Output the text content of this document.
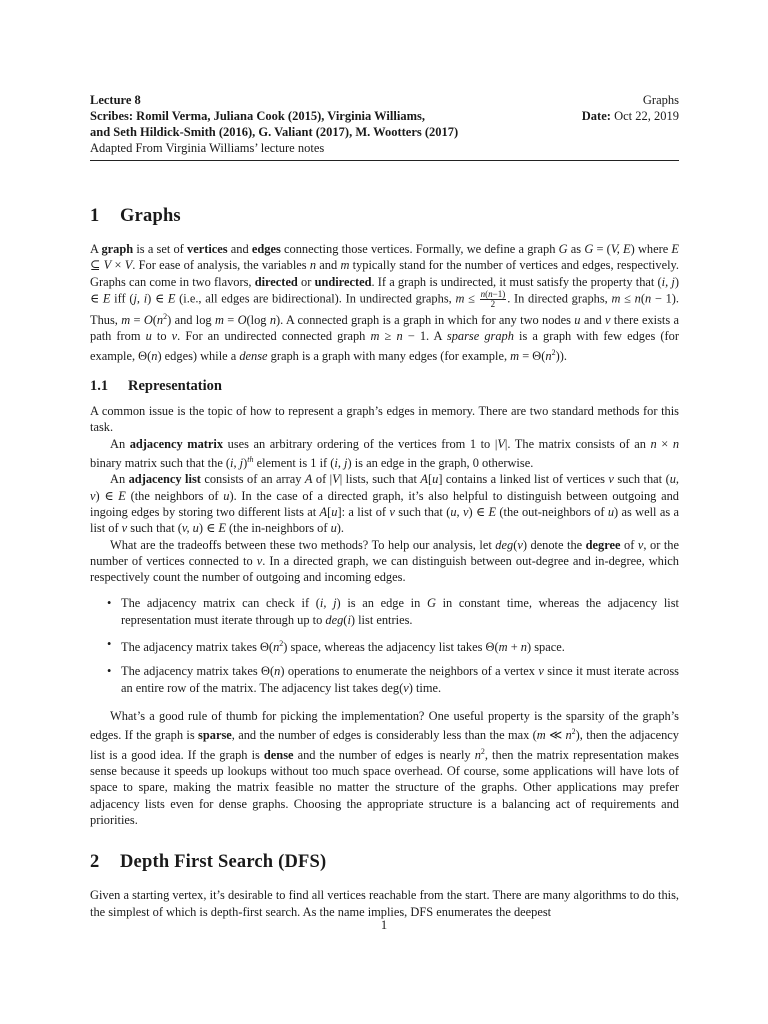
Lecture 8
Scribes: Romil Verma, Juliana Cook (2015), Virginia Williams,
and Seth Hildick-Smith (2016), G. Valiant (2017), M. Wootters (2017)
Adapted From Virginia Williams’ lecture notes
Graphs
Date: Oct 22, 2019
1 Graphs

A graph is a set of vertices and edges connecting those vertices. Formally, we define a graph G as G = (V, E) where E ⊆ V × V. For ease of analysis, the variables n and m typically stand for the number of vertices and edges, respectively. Graphs can come in two flavors, directed or undirected. If a graph is undirected, it must satisfy the property that (i, j) ∈ E iff (j, i) ∈ E (i.e., all edges are bidirectional). In undirected graphs, $m \le \frac{n(n-1)}{2}$ . In directed graphs, m ≤ n(n − 1). Thus, $m = O(n^2)$ and log m = O(log n). A connected graph is a graph in which for any two nodes u and v there exists a path from u to v. For an undirected connected graph m ≥ n − 1. A sparse graph is a graph with few edges (for example, Θ(n) edges) while a dense graph is a graph with many edges (for example, $m = \Theta(n^2)$).

1.1 Representation

A common issue is the topic of how to represent a graph’s edges in memory. There are two standard methods for this task.

An adjacency matrix uses an arbitrary ordering of the vertices from 1 to |V|. The matrix consists of an n × n binary matrix such that the (i, j)$^{th}$ element is 1 if (i, j) is an edge in the graph, 0 otherwise.

An adjacency list consists of an array A of |V| lists, such that A[u] contains a linked list of vertices v such that (u, v) ∈ E (the neighbors of u). In the case of a directed graph, it’s also helpful to distinguish between outgoing and ingoing edges by storing two different lists at A[u]: a list of v such that (u, v) ∈ E (the out-neighbors of u) as well as a list of v such that (v, u) ∈ E (the in-neighbors of u).

What are the tradeoffs between these two methods? To help our analysis, let deg(v) denote the degree of v, or the number of vertices connected to v. In a directed graph, we can distinguish between out-degree and in-degree, which respectively count the number of outgoing and incoming edges.

• The adjacency matrix can check if (i, j) is an edge in G in constant time, whereas the adjacency list representation must iterate through up to deg(i) list entries.
• The adjacency matrix takes $\Theta(n^2)$ space, whereas the adjacency list takes Θ(m + n) space.
• The adjacency matrix takes Θ(n) operations to enumerate the neighbors of a vertex v since it must iterate across an entire row of the matrix. The adjacency list takes deg(v) time.

What’s a good rule of thumb for picking the implementation? One useful property is the sparsity of the graph’s edges. If the graph is sparse, and the number of edges is considerably less than the max (m ≪ $n^2$), then the adjacency list is a good idea. If the graph is dense and the number of edges is nearly $n^2$, then the matrix representation makes sense because it speeds up lookups without too much space overhead. Of course, some applications will have lots of space to spare, making the matrix feasible no matter the structure of the graphs. Other applications may prefer adjacency lists even for dense graphs. Choosing the appropriate structure is a balancing act of requirements and priorities.

2 Depth First Search (DFS)

Given a starting vertex, it’s desirable to find all vertices reachable from the start. There are many algorithms to do this, the simplest of which is depth-first search. As the name implies, DFS enumerates the deepest

1
